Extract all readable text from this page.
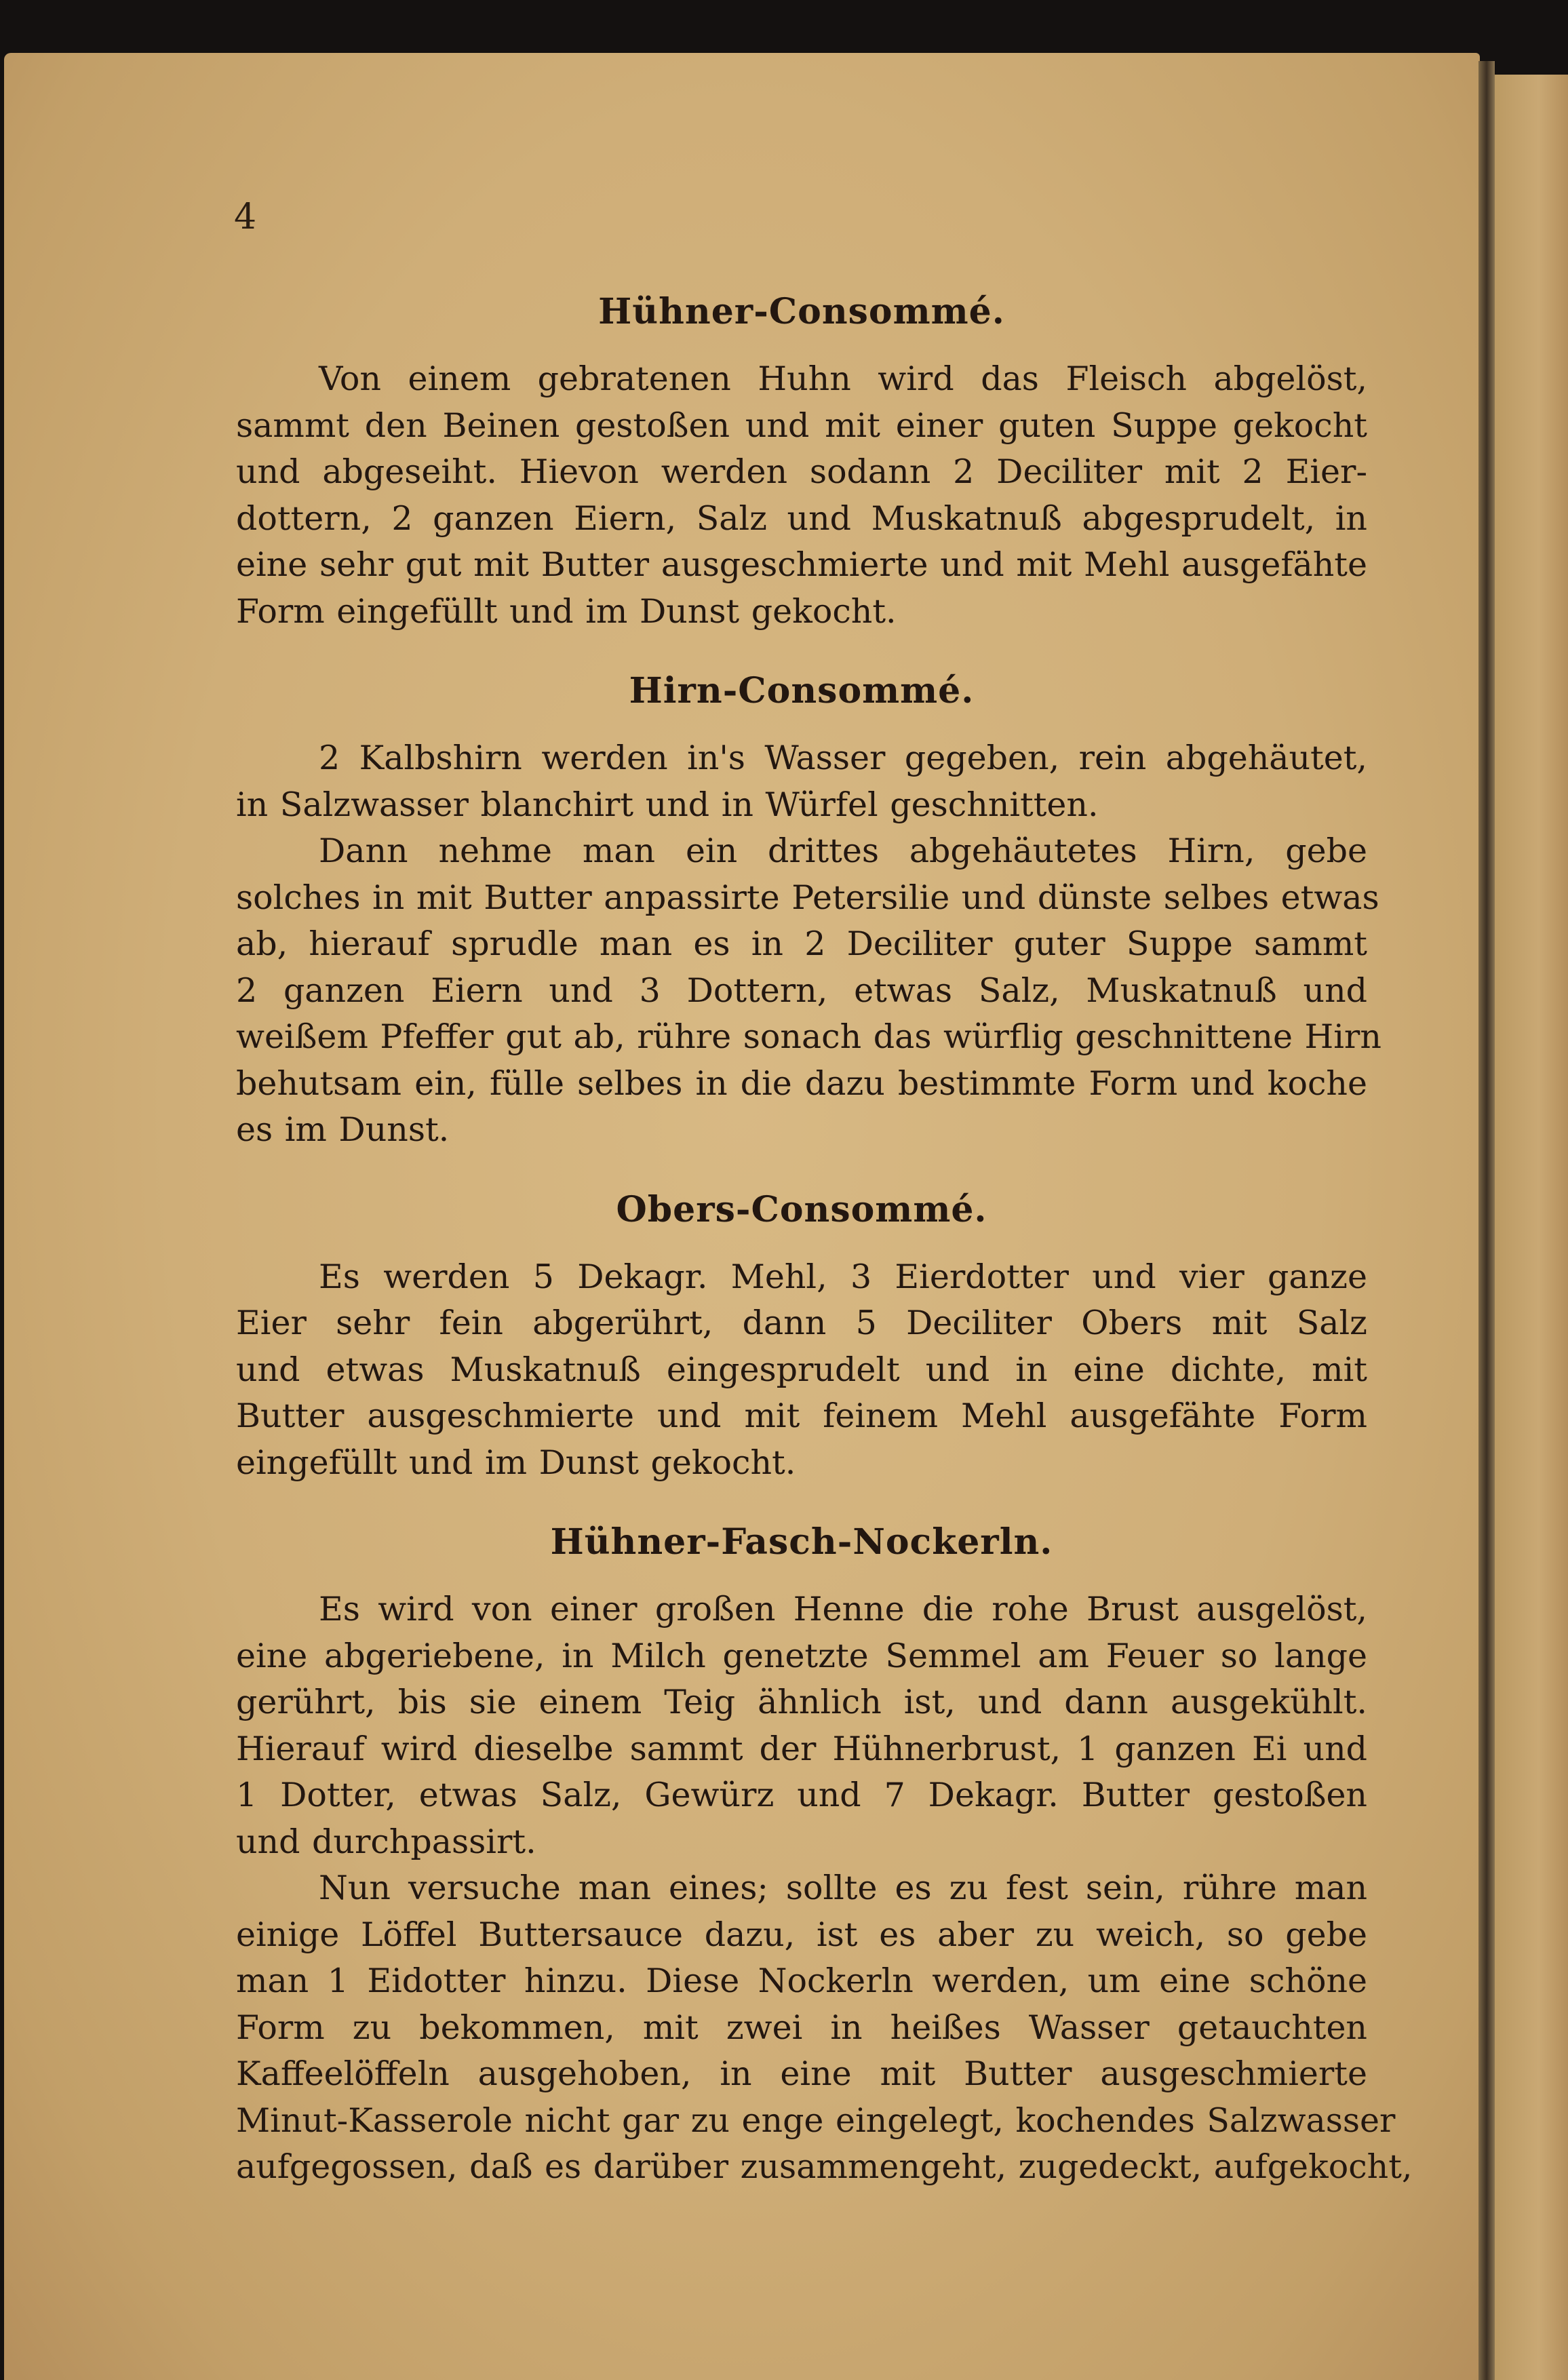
4

Hühner-Consommé.

Von einem gebratenen Huhn wird das Fleisch abgelöst,
sammt den Beinen gestoßen und mit einer guten Suppe gekocht
und abgeseiht. Hievon werden sodann 2 Deciliter mit 2 Eier-
dottern, 2 ganzen Eiern, Salz und Muskatnuß abgesprudelt, in
eine sehr gut mit Butter ausgeschmierte und mit Mehl ausgefähte
Form eingefüllt und im Dunst gekocht.

Hirn-Consommé.

2 Kalbshirn werden in's Wasser gegeben, rein abgehäutet,
in Salzwasser blanchirt und in Würfel geschnitten.

Dann nehme man ein drittes abgehäutetes Hirn, gebe
solches in mit Butter anpassirte Petersilie und dünste selbes etwas
ab, hierauf sprudle man es in 2 Deciliter guter Suppe sammt
2 ganzen Eiern und 3 Dottern, etwas Salz, Muskatnuß und
weißem Pfeffer gut ab, rühre sonach das würflig geschnittene Hirn
behutsam ein, fülle selbes in die dazu bestimmte Form und koche
es im Dunst.

Obers-Consommé.

Es werden 5 Dekagr. Mehl, 3 Eierdotter und vier ganze
Eier sehr fein abgerührt, dann 5 Deciliter Obers mit Salz
und etwas Muskatnuß eingesprudelt und in eine dichte, mit
Butter ausgeschmierte und mit feinem Mehl ausgefähte Form
eingefüllt und im Dunst gekocht.

Hühner-Fasch-Nockerln.

Es wird von einer großen Henne die rohe Brust ausgelöst,
eine abgeriebene, in Milch genetzte Semmel am Feuer so lange
gerührt, bis sie einem Teig ähnlich ist, und dann ausgekühlt.
Hierauf wird dieselbe sammt der Hühnerbrust, 1 ganzen Ei und
1 Dotter, etwas Salz, Gewürz und 7 Dekagr. Butter gestoßen
und durchpassirt.

Nun versuche man eines; sollte es zu fest sein, rühre man
einige Löffel Buttersauce dazu, ist es aber zu weich, so gebe
man 1 Eidotter hinzu. Diese Nockerln werden, um eine schöne
Form zu bekommen, mit zwei in heißes Wasser getauchten
Kaffeelöffeln ausgehoben, in eine mit Butter ausgeschmierte
Minut-Kasserole nicht gar zu enge eingelegt, kochendes Salzwasser
aufgegossen, daß es darüber zusammengeht, zugedeckt, aufgekocht,
